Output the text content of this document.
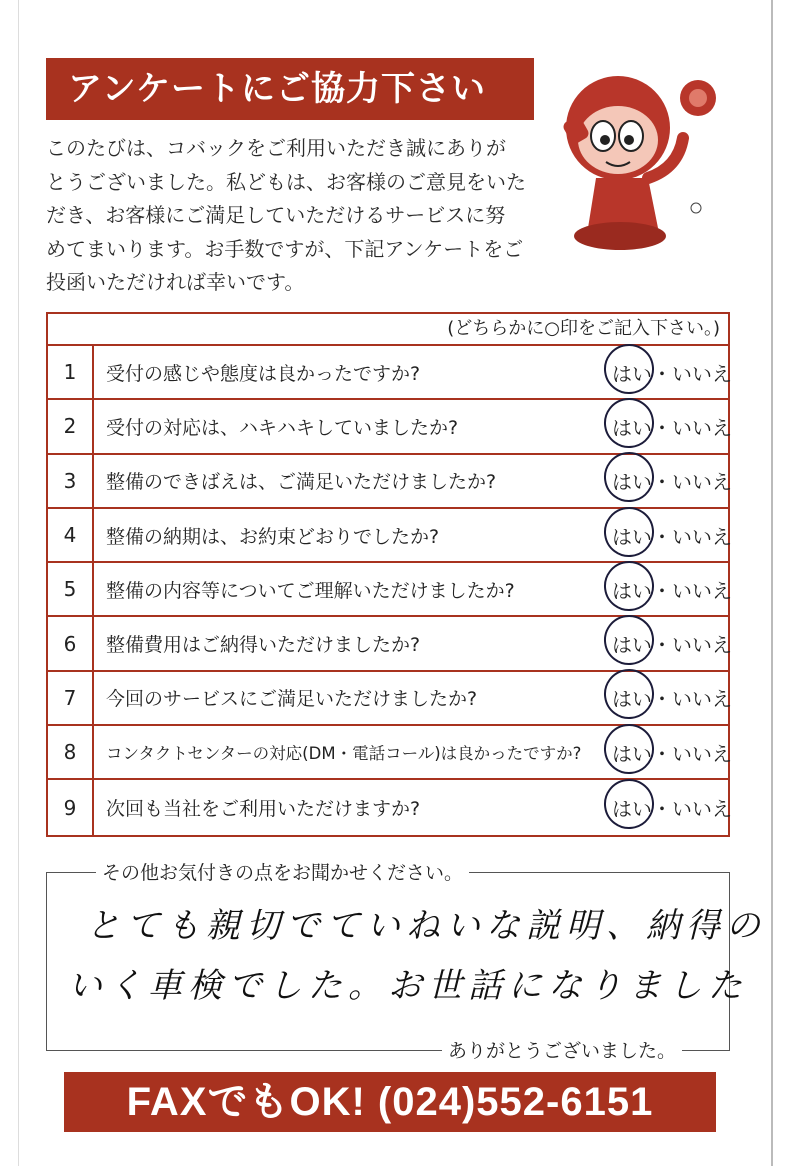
アンケートにご協力下さい
このたびは、コバックをご利用いただき誠にありが
とうございました。私どもは、お客様のご意見をいた
だき、お客様にご満足していただけるサービスに努
めてまいります。お手数ですが、下記アンケートをご
投函いただければ幸いです。
(どちらかに○印をご記入下さい。)
1	受付の感じや態度は良かったですか?	はい・いいえ
2	受付の対応は、ハキハキしていましたか?	はい・いいえ
3	整備のできばえは、ご満足いただけましたか?	はい・いいえ
4	整備の納期は、お約束どおりでしたか?	はい・いいえ
5	整備の内容等についてご理解いただけましたか?	はい・いいえ
6	整備費用はご納得いただけましたか?	はい・いいえ
7	今回のサービスにご満足いただけましたか?	はい・いいえ
8	コンタクトセンターの対応(DM・電話コール)は良かったですか?	はい・いいえ
9	次回も当社をご利用いただけますか?	はい・いいえ
その他お気付きの点をお聞かせください。
とても親切でていねいな説明、納得の
いく車検でした。お世話になりました
ありがとうございました。
FAXでもOK! (024)552-6151
